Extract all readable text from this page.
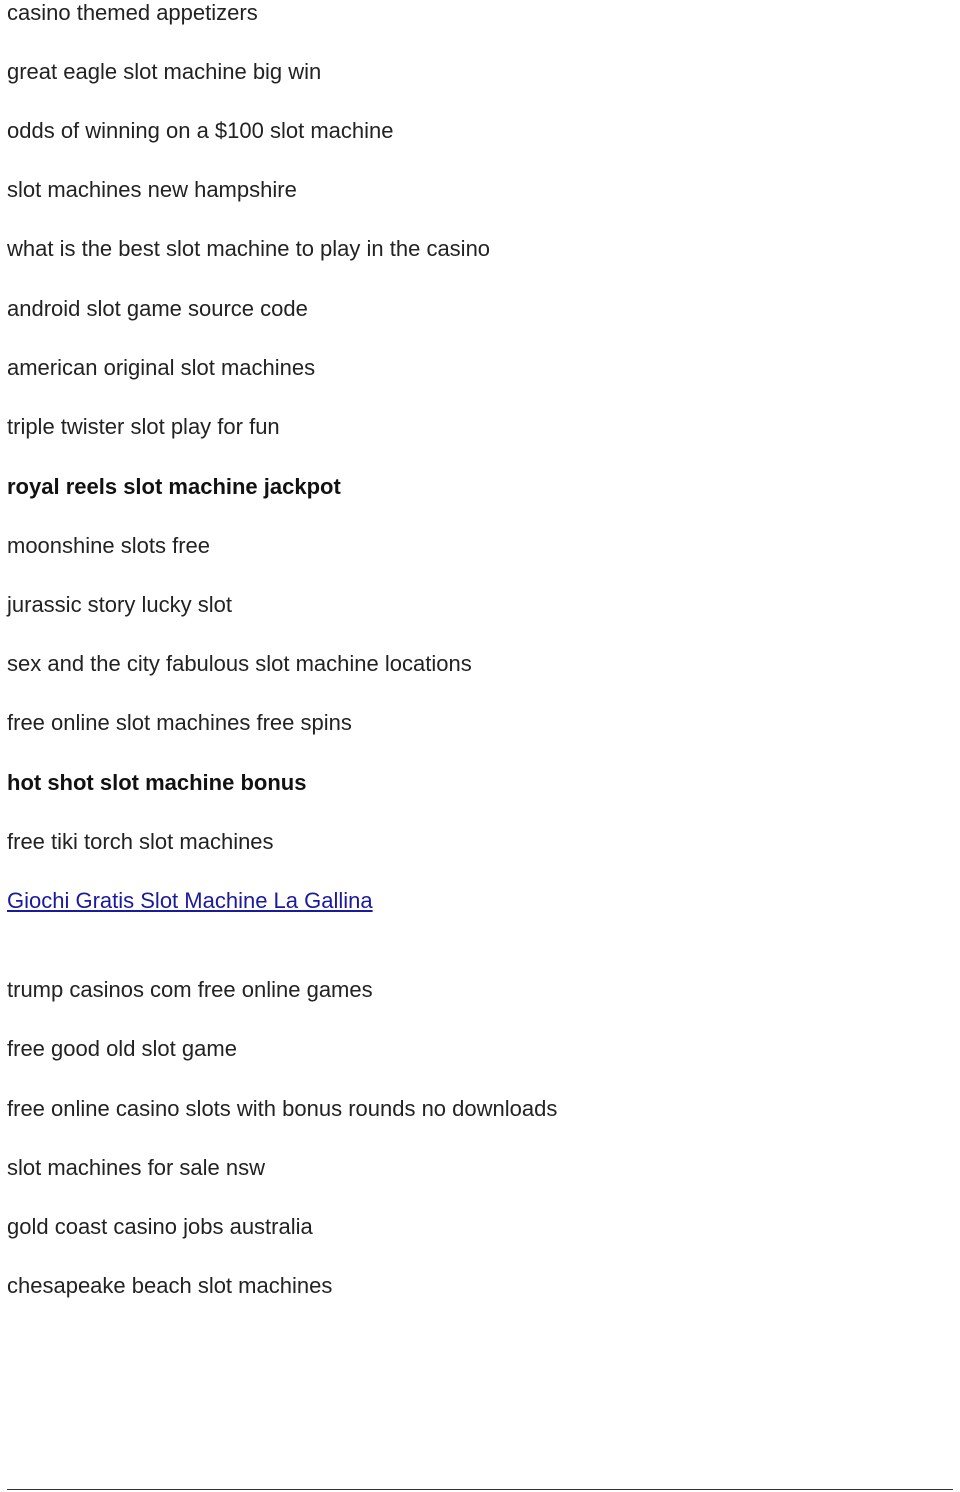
casino themed appetizers
great eagle slot machine big win
odds of winning on a $100 slot machine
slot machines new hampshire
what is the best slot machine to play in the casino
android slot game source code
american original slot machines
triple twister slot play for fun
royal reels slot machine jackpot
moonshine slots free
jurassic story lucky slot
sex and the city fabulous slot machine locations
free online slot machines free spins
hot shot slot machine bonus
free tiki torch slot machines
Giochi Gratis Slot Machine La Gallina
trump casinos com free online games
free good old slot game
free online casino slots with bonus rounds no downloads
slot machines for sale nsw
gold coast casino jobs australia
chesapeake beach slot machines
